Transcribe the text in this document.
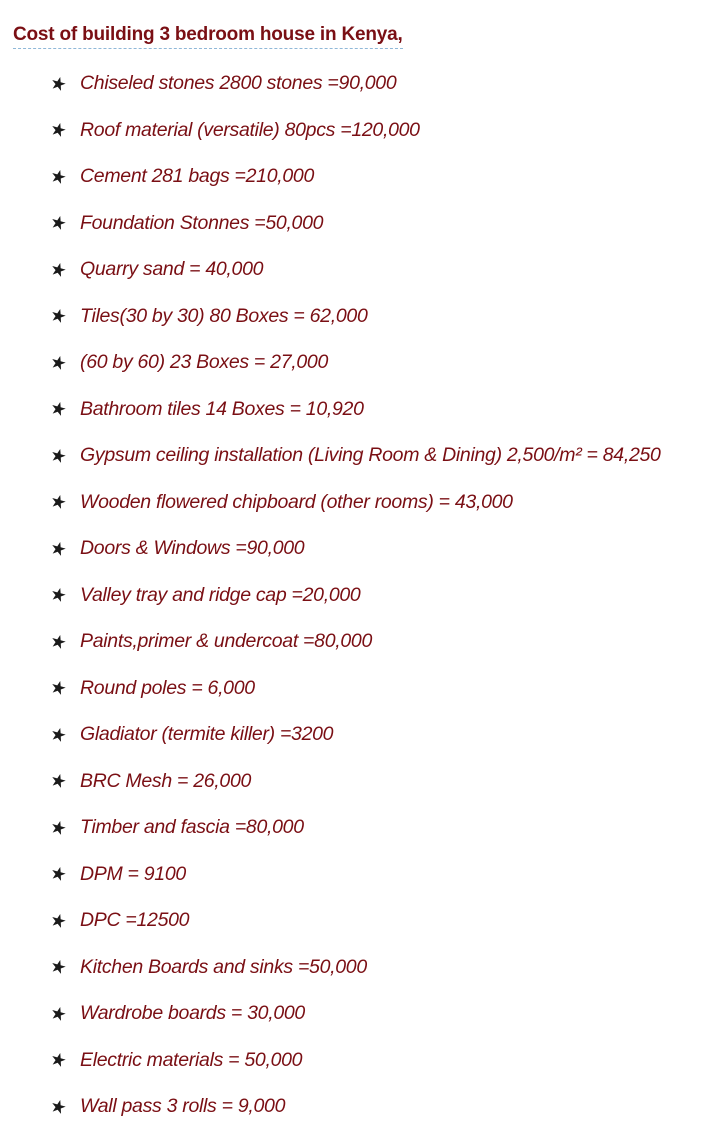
Cost of building 3 bedroom house in Kenya,
Chiseled stones 2800 stones =90,000
Roof material (versatile) 80pcs =120,000
Cement 281 bags =210,000
Foundation Stonnes =50,000
Quarry sand = 40,000
Tiles(30 by 30) 80 Boxes = 62,000
(60 by 60) 23 Boxes = 27,000
Bathroom tiles 14 Boxes = 10,920
Gypsum ceiling installation (Living Room & Dining) 2,500/m² = 84,250
Wooden flowered chipboard (other rooms) = 43,000
Doors & Windows =90,000
Valley tray and ridge cap =20,000
Paints,primer & undercoat =80,000
Round poles = 6,000
Gladiator (termite killer) =3200
BRC Mesh = 26,000
Timber and fascia =80,000
DPM = 9100
DPC =12500
Kitchen Boards and sinks =50,000
Wardrobe boards = 30,000
Electric materials = 50,000
Wall pass 3 rolls = 9,000
